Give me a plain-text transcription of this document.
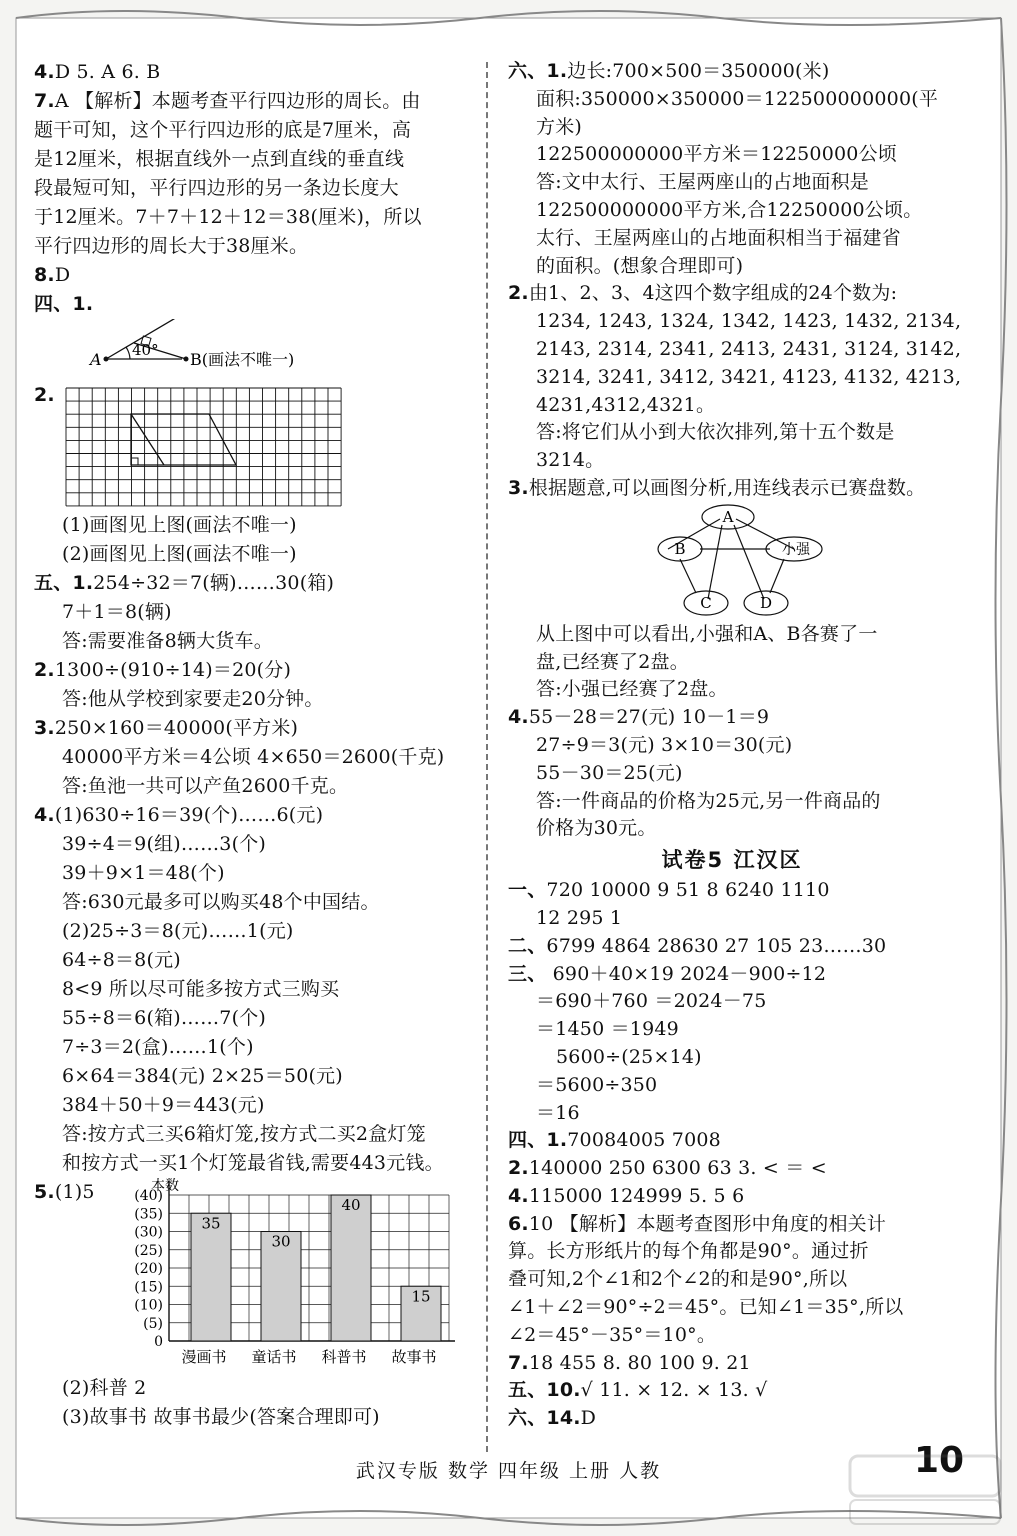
4.D 5. A 6. B
7.A 【解析】本题考查平行四边形的周长。由
题干可知，这个平行四边形的底是7厘米，高
是12厘米，根据直线外一点到直线的垂直线
段最短可知，平行四边形的另一条边长度大
于12厘米。7＋7＋12＋12＝38(厘米)，所以
平行四边形的周长大于38厘米。
8.D
四、1.
40°
A	B(画法不唯一)
2.
(1)画图见上图(画法不唯一)
(2)画图见上图(画法不唯一)
五、1.254÷32＝7(辆)……30(箱)
7＋1＝8(辆)
答:需要准备8辆大货车。
2.1300÷(910÷14)＝20(分)
答:他从学校到家要走20分钟。
3.250×160＝40000(平方米)
40000平方米＝4公顷 4×650＝2600(千克)
答:鱼池一共可以产鱼2600千克。
4.(1)630÷16＝39(个)……6(元)
39÷4＝9(组)……3(个)
39＋9×1＝48(个)
答:630元最多可以购买48个中国结。
(2)25÷3＝8(元)……1(元)
64÷8＝8(元)
8<9 所以尽可能多按方式三购买
55÷8＝6(箱)……7(个)
7÷3＝2(盒)……1(个)
6×64＝384(元) 2×25＝50(元)
384＋50＋9＝443(元)
答:按方式三买6箱灯笼,按方式二买2盒灯笼
和按方式一买1个灯笼最省钱,需要443元钱。
5.(1)5	本数
(40)
(35)
(30)
(25)
(20)
(15)
(10)
(5)
0
35
漫画书
30
童话书
40
科普书
15
故事书
(2)科普 2
(3)故事书 故事书最少(答案合理即可)
六、1.边长:700×500＝350000(米)
面积:350000×350000＝122500000000(平
方米)
122500000000平方米＝12250000公顷
答:文中太行、王屋两座山的占地面积是
122500000000平方米,合12250000公顷。
太行、王屋两座山的占地面积相当于福建省
的面积。(想象合理即可)
2.由1、2、3、4这四个数字组成的24个数为:
1234, 1243, 1324, 1342, 1423, 1432, 2134,
2143, 2314, 2341, 2413, 2431, 3124, 3142,
3214, 3241, 3412, 3421, 4123, 4132, 4213,
4231,4312,4321。
答:将它们从小到大依次排列,第十五个数是
3214。
3.根据题意,可以画图分析,用连线表示已赛盘数。
A
B	小强
C	D
从上图中可以看出,小强和A、B各赛了一
盘,已经赛了2盘。
答:小强已经赛了2盘。
4.55－28＝27(元) 10－1＝9
27÷9＝3(元) 3×10＝30(元)
55－30＝25(元)
答:一件商品的价格为25元,另一件商品的
价格为30元。
试卷5 江汉区
一、720 10000 9 51 8 6240 1110
12 295 1
二、6799 4864 28630 27 105 23……30
三、 690＋40×19 2024－900÷12
＝690＋760 ＝2024－75
＝1450 ＝1949
5600÷(25×14)
＝5600÷350
＝16
四、1.70084005 7008
2.140000 250 6300 63 3. < ＝ <
4.115000 124999 5. 5 6
6.10 【解析】本题考查图形中角度的相关计
算。长方形纸片的每个角都是90°。通过折
叠可知,2个∠1和2个∠2的和是90°,所以
∠1＋∠2＝90°÷2＝45°。已知∠1＝35°,所以
∠2＝45°－35°＝10°。
7.18 455 8. 80 100 9. 21
五、10.√ 11. × 12. × 13. √
六、14.D
武汉专版 数学 四年级 上册 人教	10
